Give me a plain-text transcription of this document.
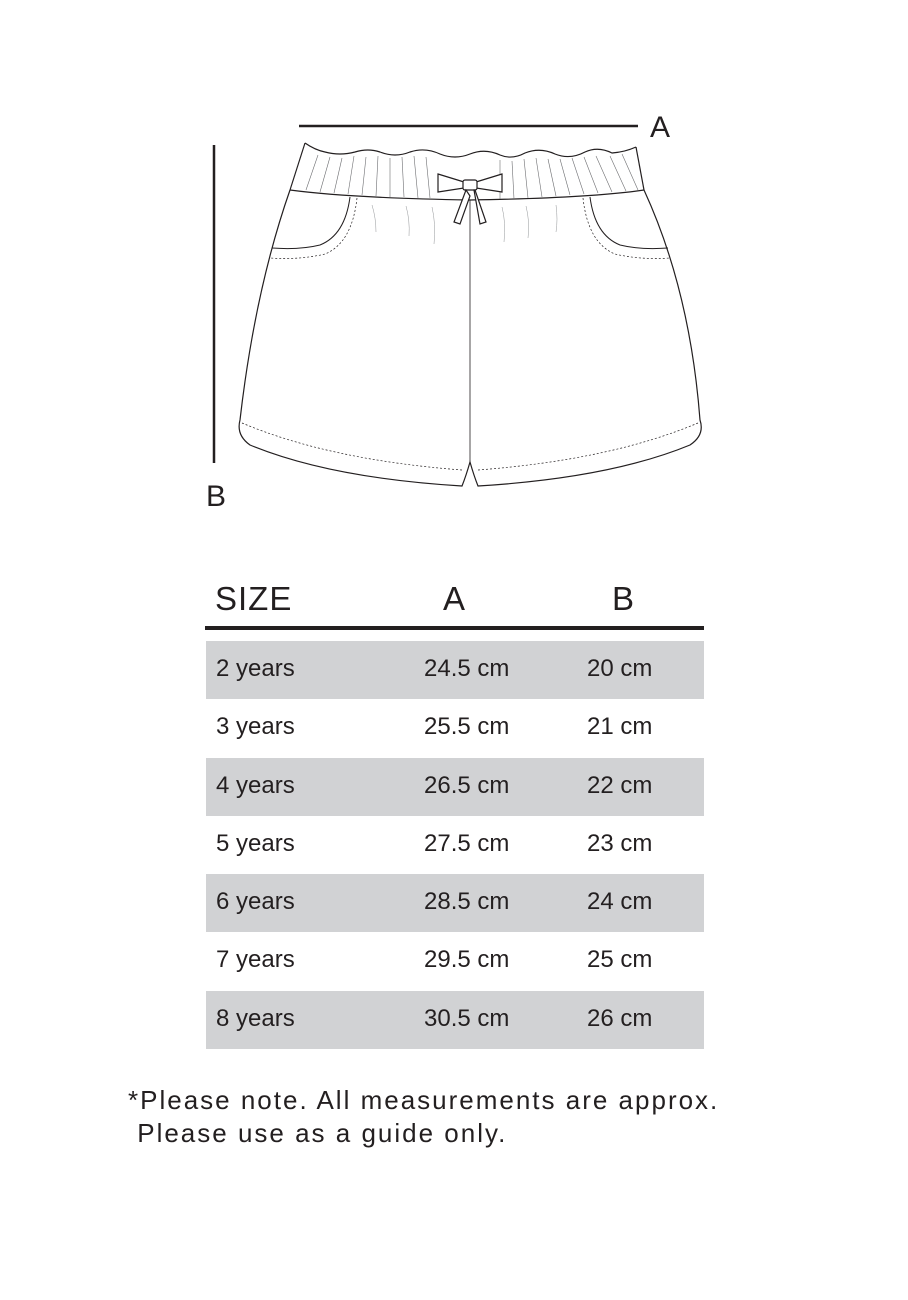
A
B
SIZE	A	B
2 years	24.5 cm	20 cm
3 years	25.5 cm	21 cm
4 years	26.5 cm	22 cm
5 years	27.5 cm	23 cm
6 years	28.5 cm	24 cm
7 years	29.5 cm	25 cm
8 years	30.5 cm	26 cm
*Please note. All measurements are approx.
Please use as a guide only.
